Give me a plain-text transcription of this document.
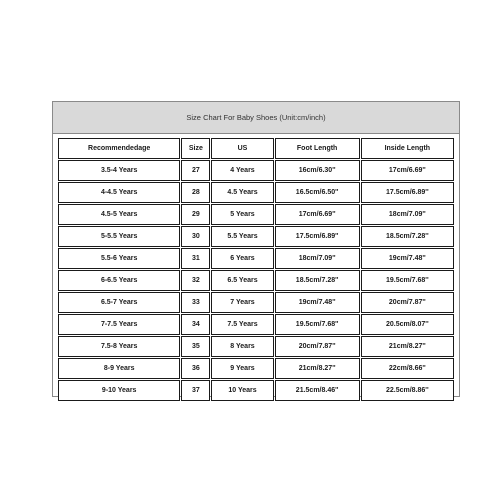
Size Chart For Baby Shoes (Unit:cm/inch)
Recommendedage	Size	US	Foot Length	Inside Length
3.5-4 Years	27	4 Years	16cm/6.30''	17cm/6.69''
4-4.5 Years	28	4.5 Years	16.5cm/6.50''	17.5cm/6.89''
4.5-5 Years	29	5 Years	17cm/6.69''	18cm/7.09''
5-5.5 Years	30	5.5 Years	17.5cm/6.89''	18.5cm/7.28''
5.5-6 Years	31	6 Years	18cm/7.09''	19cm/7.48''
6-6.5 Years	32	6.5 Years	18.5cm/7.28''	19.5cm/7.68''
6.5-7 Years	33	7 Years	19cm/7.48''	20cm/7.87''
7-7.5 Years	34	7.5 Years	19.5cm/7.68''	20.5cm/8.07''
7.5-8 Years	35	8 Years	20cm/7.87''	21cm/8.27''
8-9 Years	36	9 Years	21cm/8.27''	22cm/8.66''
9-10 Years	37	10 Years	21.5cm/8.46''	22.5cm/8.86''
